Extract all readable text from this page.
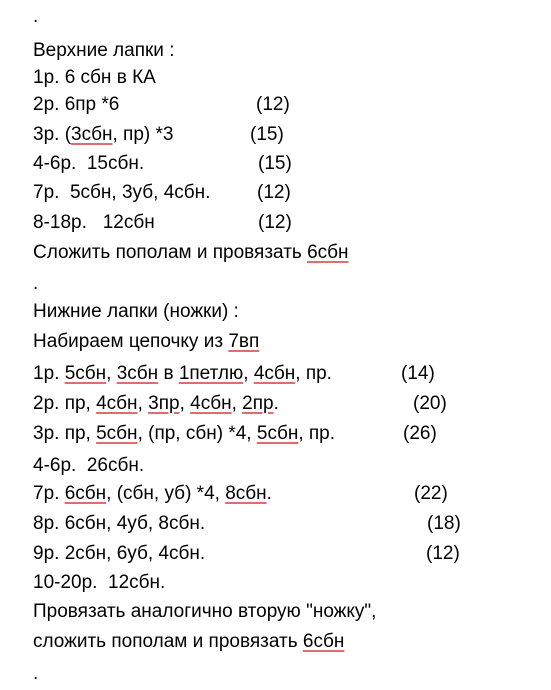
.
Верхние лапки :
1р. 6 сбн в КА
2р. 6пр *6	(12)
3р. (3сбн, пр) *3	(15)
4-6р.  15сбн.	(15)
7р.  5сбн, 3уб, 4сбн. (12)
8-18р.   12сбн	(12)
Сложить пополам и провязать 6сбн
.
Нижние лапки (ножки) :
Набираем цепочку из 7вп
1р. 5сбн, 3сбн в 1петлю, 4сбн, пр.	(14)
2р. пр, 4сбн, 3пр, 4сбн, 2пр.	(20)
3р. пр, 5сбн, (пр, сбн) *4, 5сбн, пр.	(26)
4-6р.  26сбн.
7р. 6сбн, (сбн, уб) *4, 8сбн.	(22)
8р. 6сбн, 4уб, 8сбн.	(18)
9р. 2сбн, 6уб, 4сбн.	(12)
10-20р.  12сбн.
Провязать аналогично вторую "ножку",
сложить пополам и провязать 6сбн
.
